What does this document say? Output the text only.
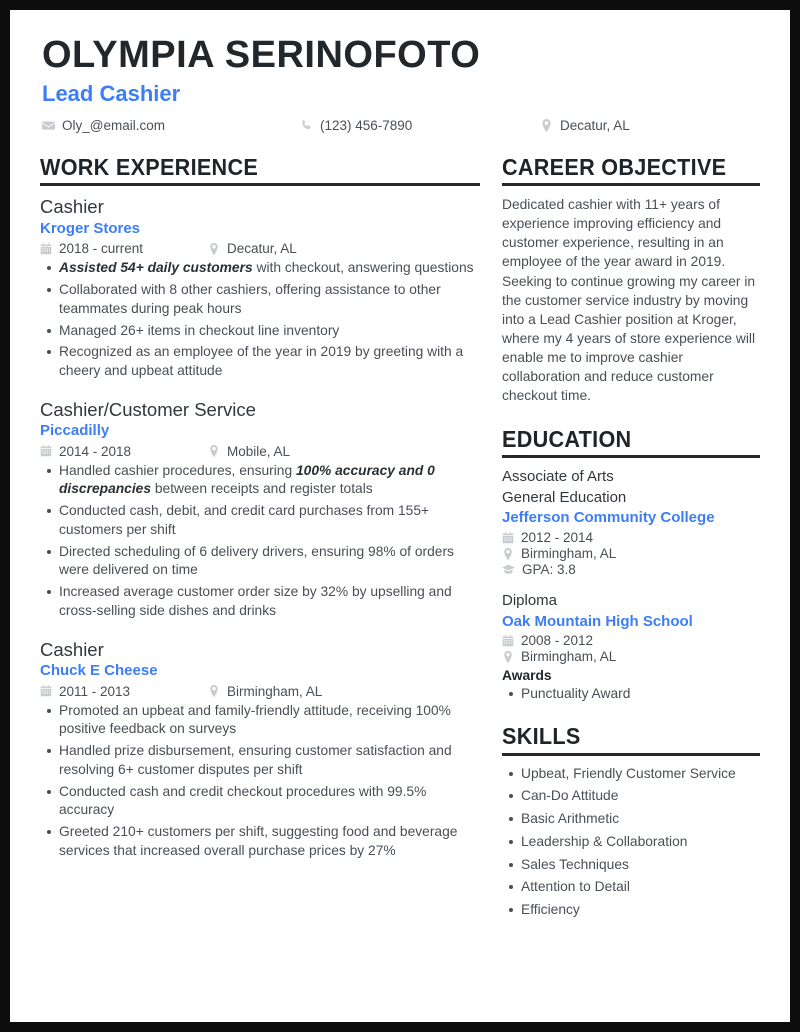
OLYMPIA SERINOFOTO
Lead Cashier
Oly_@email.com	(123) 456-7890	Decatur, AL
WORK EXPERIENCE
Cashier
Kroger Stores
2018 - current	Decatur, AL
Assisted 54+ daily customers with checkout, answering questions
Collaborated with 8 other cashiers, offering assistance to other teammates during peak hours
Managed 26+ items in checkout line inventory
Recognized as an employee of the year in 2019 by greeting with a cheery and upbeat attitude
Cashier/Customer Service
Piccadilly
2014 - 2018	Mobile, AL
Handled cashier procedures, ensuring 100% accuracy and 0 discrepancies between receipts and register totals
Conducted cash, debit, and credit card purchases from 155+ customers per shift
Directed scheduling of 6 delivery drivers, ensuring 98% of orders were delivered on time
Increased average customer order size by 32% by upselling and cross-selling side dishes and drinks
Cashier
Chuck E Cheese
2011 - 2013	Birmingham, AL
Promoted an upbeat and family-friendly attitude, receiving 100% positive feedback on surveys
Handled prize disbursement, ensuring customer satisfaction and resolving 6+ customer disputes per shift
Conducted cash and credit checkout procedures with 99.5% accuracy
Greeted 210+ customers per shift, suggesting food and beverage services that increased overall purchase prices by 27%
CAREER OBJECTIVE

Dedicated cashier with 11+ years of experience improving efficiency and customer experience, resulting in an employee of the year award in 2019. Seeking to continue growing my career in the customer service industry by moving into a Lead Cashier position at Kroger, where my 4 years of store experience will enable me to improve cashier collaboration and reduce customer checkout time.

EDUCATION
Associate of Arts
General Education
Jefferson Community College
2012 - 2014
Birmingham, AL
GPA: 3.8
Diploma
Oak Mountain High School
2008 - 2012
Birmingham, AL
Awards
Punctuality Award
SKILLS
Upbeat, Friendly Customer Service
Can-Do Attitude
Basic Arithmetic
Leadership & Collaboration
Sales Techniques
Attention to Detail
Efficiency
